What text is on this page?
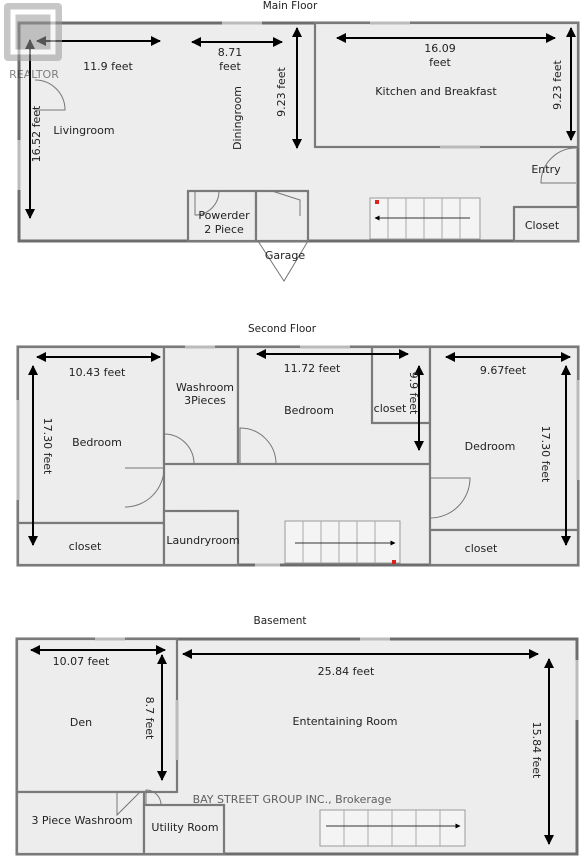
Main Floor
11.9 feet
16.52 feet
8.71
feet
9.23 feet
16.09
feet	9.23 feet
Livingroom	Diningroom	Kitchen and Breakfast
Powerder
2 Piece
Entry
Closet
Garage
Second Floor
10.43 feet
17.30 feet
11.72 feet
9.9 feet
9.67feet
17.30 feet
Bedroom
Washroom
3Pieces
Bedroom	closet
Dedroom
closet	Laundryroom
closet
Basement
10.07 feet
8.7 feet
25.84 feet
15.84 feet
Den	Ententaining Room
3 Piece Washroom
Utility Room
REALTOR
BAY STREET GROUP INC., Brokerage
